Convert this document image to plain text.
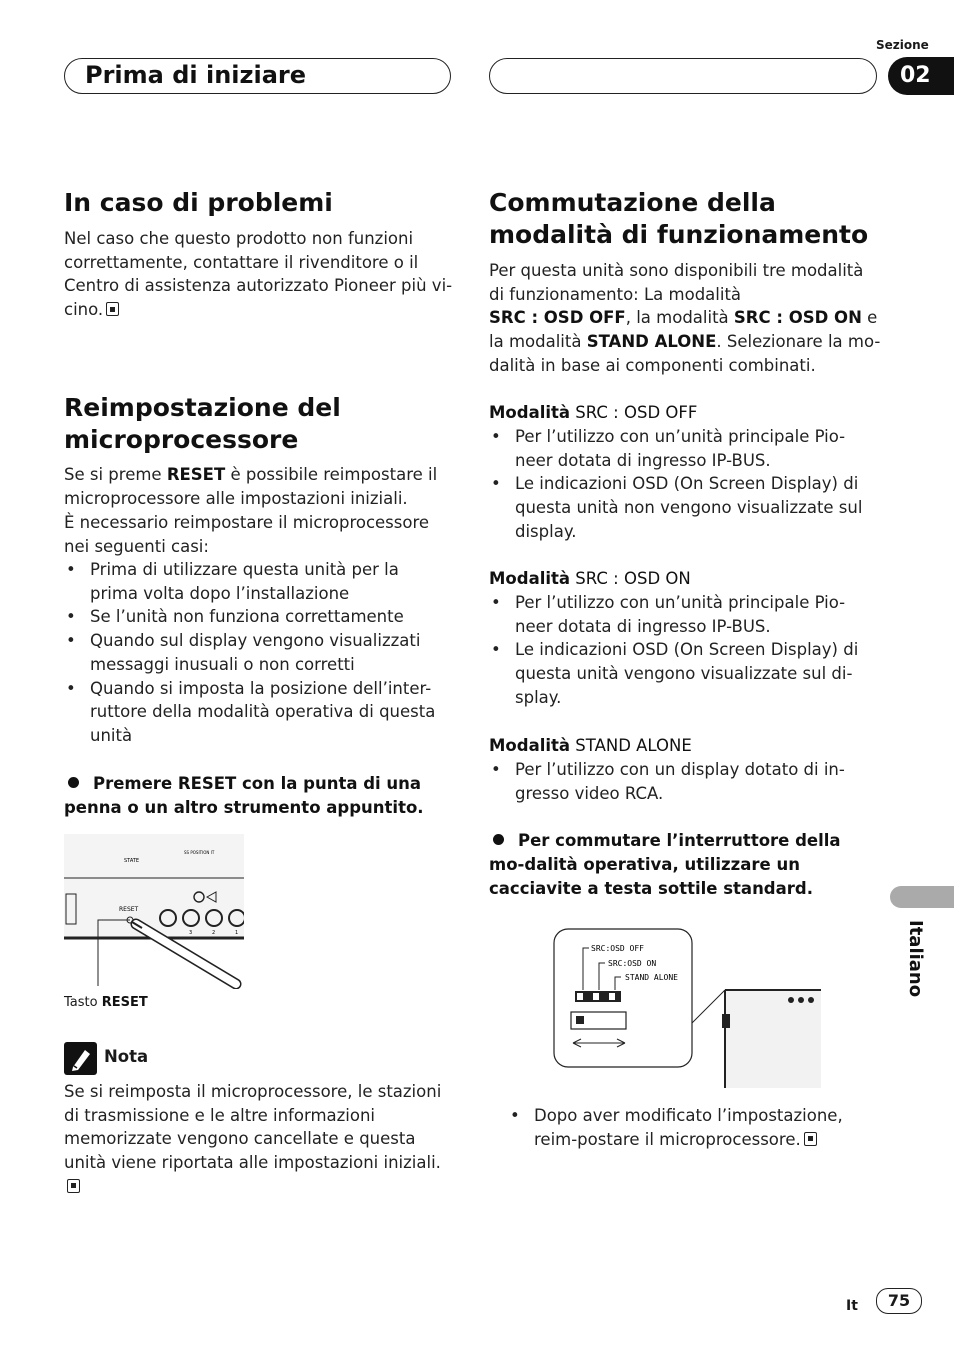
Prima di iniziare
Sezione
02
In caso di problemi

Nel caso che questo prodotto non funzioni correttamente, contattare il rivenditore o il Centro di assistenza autorizzato Pioneer più vi-cino.

Reimpostazione del
microprocessore

Se si preme RESET è possibile reimpostare il microprocessore alle impostazioni iniziali.

È necessario reimpostare il microprocessore nei seguenti casi:

• Prima di utilizzare questa unità per la prima volta dopo l’installazione
• Se l’unità non funziona correttamente
• Quando sul display vengono visualizzati messaggi inusuali o non corretti
• Quando si imposta la posizione dell’inter-ruttore della modalità operativa di questa unità

Premere RESET con la punta di una penna o un altro strumento appuntito.

STATE
SS POSITION IT
RESET
3	2	1
Tasto RESET
Nota

Se si reimposta il microprocessore, le stazioni di trasmissione e le altre informazioni memorizzate vengono cancellate e questa unità viene riportata alle impostazioni iniziali.

Commutazione della
modalità di funzionamento

Per questa unità sono disponibili tre modalità di funzionamento: La modalità
SRC : OSD OFF, la modalità SRC : OSD ON e la modalità STAND ALONE. Selezionare la mo-dalità in base ai componenti combinati.

Modalità SRC : OSD OFF

• Per l’utilizzo con un’unità principale Pio-neer dotata di ingresso IP-BUS.
• Le indicazioni OSD (On Screen Display) di questa unità non vengono visualizzate sul display.

Modalità SRC : OSD ON

• Per l’utilizzo con un’unità principale Pio-neer dotata di ingresso IP-BUS.
• Le indicazioni OSD (On Screen Display) di questa unità vengono visualizzate sul di-splay.

Modalità STAND ALONE

• Per l’utilizzo con un display dotato di in-gresso video RCA.

Per commutare l’interruttore della mo-dalità operativa, utilizzare un cacciavite a testa sottile standard.

SRC:OSD OFF
SRC:OSD ON
STAND ALONE
• Dopo aver modificato l’impostazione, reim-postare il microprocessore.
Italiano
It	75
